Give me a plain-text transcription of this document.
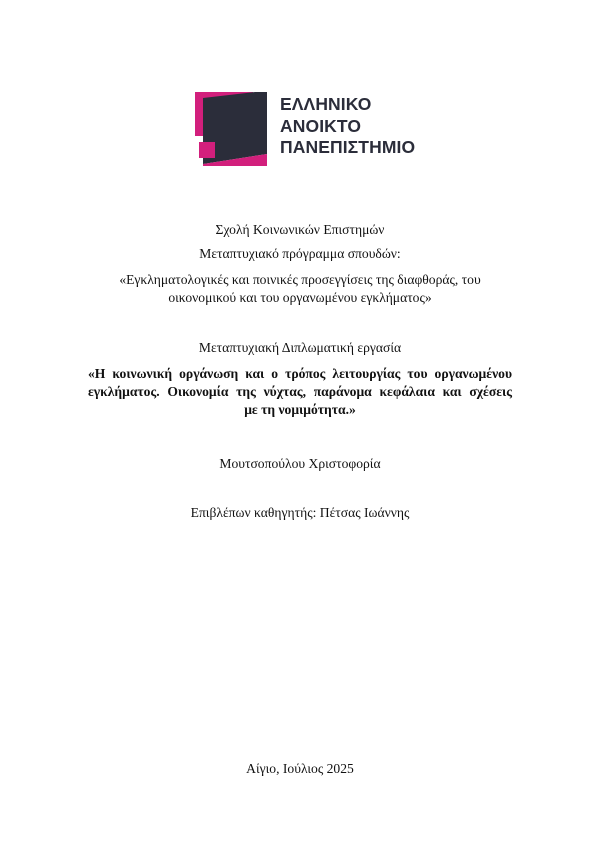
ΕΛΛΗΝΙΚΟ
ΑΝΟΙΚΤΟ
ΠΑΝΕΠΙΣΤΗΜΙΟ
Σχολή Κοινωνικών Επιστημών
Μεταπτυχιακό πρόγραμμα σπουδών:
«Εγκληματολογικές και ποινικές προσεγγίσεις της διαφθοράς, του
οικονομικού και του οργανωμένου εγκλήματος»
Μεταπτυχιακή Διπλωματική εργασία
«Η κοινωνική οργάνωση και ο τρόπος λειτουργίας του οργανωμένου
εγκλήματος. Οικονομία της νύχτας, παράνομα κεφάλαια και σχέσεις
με τη νομιμότητα.»
Μουτσοπούλου Χριστοφορία
Επιβλέπων καθηγητής: Πέτσας Ιωάννης
Αίγιο, Ιούλιος 2025
